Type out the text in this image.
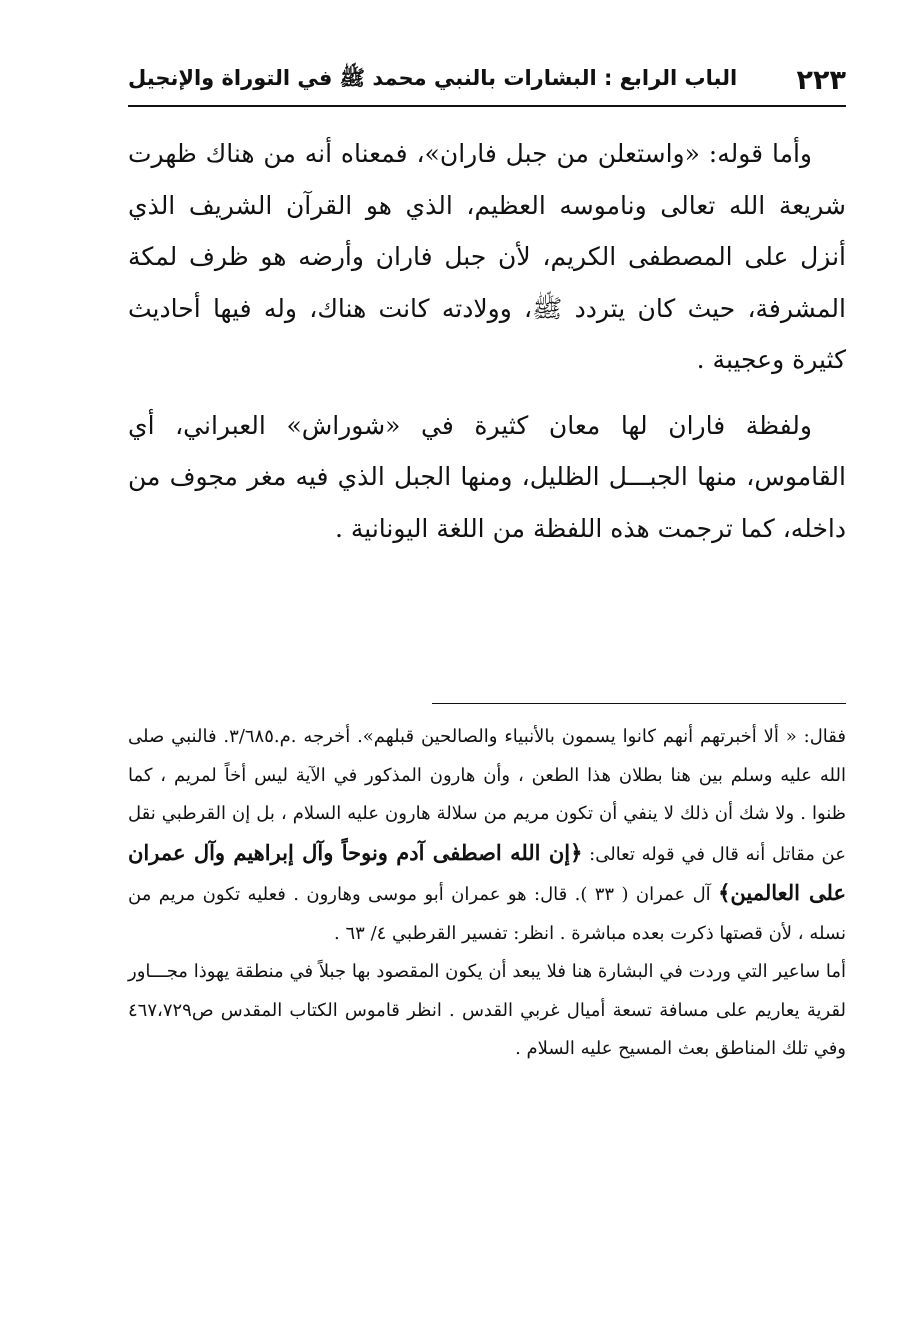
٢٢٣
الباب الرابع : البشارات بالنبي محمد ﷺ في التوراة والإنجيل

وأما قوله: «واستعلن من جبل فاران»، فمعناه أنه من هناك ظهرت شريعة الله تعالى وناموسه العظيم، الذي هو القرآن الشريف الذي أنزل على المصطفى الكريم، لأن جبل فاران وأرضه هو ظرف لمكة المشرفة، حيث كان يتردد ﷺ، وولادته كانت هناك، وله فيها أحاديث كثيرة وعجيبة .

ولفظة فاران لها معان كثيرة في «شوراش» العبراني، أي القاموس، منها الجبـــل الظليل، ومنها الجبل الذي فيه مغر مجوف من داخله، كما ترجمت هذه اللفظة من اللغة اليونانية .

فقال: « ألا أخبرتهم أنهم كانوا يسمون بالأنبياء والصالحين قبلهم». أخرجه .م.٣/٦٨٥. فالنبي صلى الله عليه وسلم بين هنا بطلان هذا الطعن ، وأن هارون المذكور في الآية ليس أخاً لمريم ، كما ظنوا . ولا شك أن ذلك لا ينفي أن تكون مريم من سلالة هارون عليه السلام ، بل إن القرطبي نقل عن مقاتل أنه قال في قوله تعالى: ﴿إن الله اصطفى آدم ونوحاً وآل إبراهيم وآل عمران على العالمين﴾ آل عمران ( ٣٣ ). قال: هو عمران أبو موسى وهارون . فعليه تكون مريم من نسله ، لأن قصتها ذكرت بعده مباشرة . انظر: تفسير القرطبي ٤/ ٦٣ .

أما ساعير التي وردت في البشارة هنا فلا يبعد أن يكون المقصود بها جبلاً في منطقة يهوذا مجـــاور لقرية يعاريم على مسافة تسعة أميال غربي القدس . انظر قاموس الكتاب المقدس ص٤٦٧،٧٢٩ وفي تلك المناطق بعث المسيح عليه السلام .
